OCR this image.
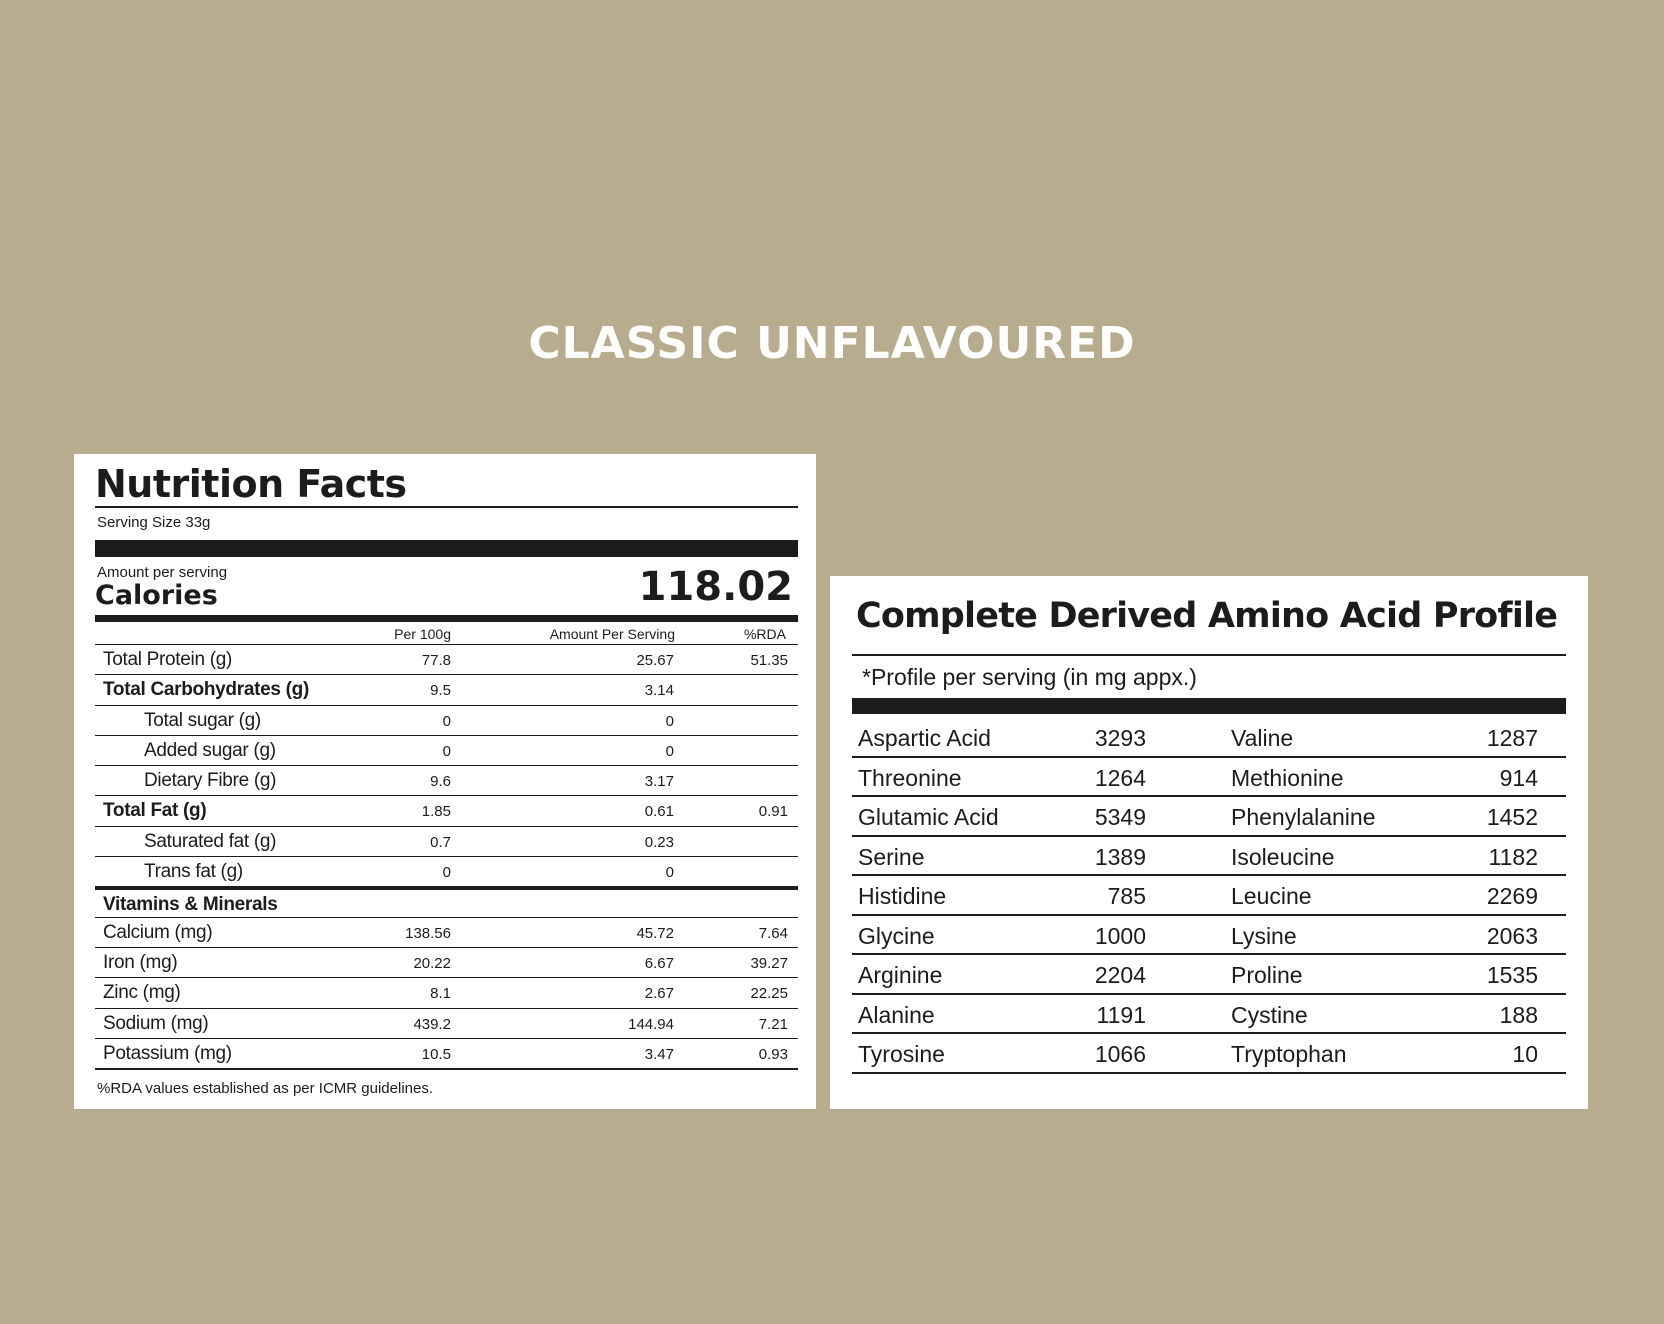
CLASSIC UNFLAVOURED
Nutrition Facts
Serving Size 33g
Amount per serving
Calories	118.02
Per 100g	Amount Per Serving	%RDA
Total Protein (g)	77.8	25.67	51.35
Total Carbohydrates (g)	9.5	3.14
Total sugar (g)	0	0
Added sugar (g)	0	0
Dietary Fibre (g)	9.6	3.17
Total Fat (g)	1.85	0.61	0.91
Saturated fat (g)	0.7	0.23
Trans fat (g)	0	0
Vitamins & Minerals
Calcium (mg)	138.56	45.72	7.64
Iron (mg)	20.22	6.67	39.27
Zinc (mg)	8.1	2.67	22.25
Sodium (mg)	439.2	144.94	7.21
Potassium (mg)	10.5	3.47	0.93
%RDA values established as per ICMR guidelines.
Complete Derived Amino Acid Profile
*Profile per serving (in mg appx.)
Aspartic Acid	3293	Valine	1287
Threonine	1264	Methionine	914
Glutamic Acid	5349	Phenylalanine	1452
Serine	1389	Isoleucine	1182
Histidine	785	Leucine	2269
Glycine	1000	Lysine	2063
Arginine	2204	Proline	1535
Alanine	1191	Cystine	188
Tyrosine	1066	Tryptophan	10
